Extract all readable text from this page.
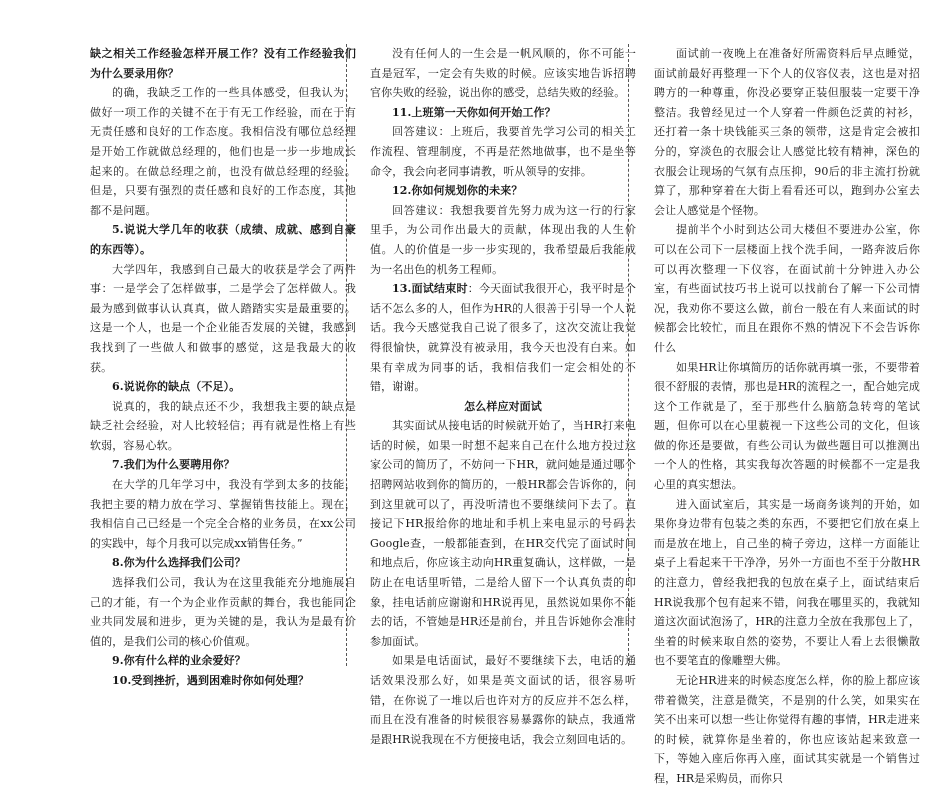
缺之相关工作经验怎样开展工作？没有工作经验我们为什么要录用你？

的确，我缺乏工作的一些具体感受，但我认为，做好一项工作的关键不在于有无工作经验，而在于有无责任感和良好的工作态度。我相信没有哪位总经理是开始工作就做总经理的，他们也是一步一步地成长起来的。在做总经理之前，也没有做总经理的经验。但是，只要有强烈的责任感和良好的工作态度，其他都不是问题。

5.说说大学几年的收获（成绩、成就、感到自豪的东西等）。

大学四年，我感到自己最大的收获是学会了两件事：一是学会了怎样做事，二是学会了怎样做人。我最为感到做事认认真真，做人踏踏实实是最重要的。这是一个人，也是一个企业能否发展的关键，我感到我找到了一些做人和做事的感觉，这是我最大的收获。

6.说说你的缺点（不足）。

说真的，我的缺点还不少，我想我主要的缺点是缺乏社会经验，对人比较轻信；再有就是性格上有些软弱，容易心软。

7.我们为什么要聘用你？

在大学的几年学习中，我没有学到太多的技能，我把主要的精力放在学习、掌握销售技能上。现在，我相信自己已经是一个完全合格的业务员，在xx公司的实践中，每个月我可以完成xx销售任务。”

8.你为什么选择我们公司？

选择我们公司，我认为在这里我能充分地施展自己的才能，有一个为企业作贡献的舞台，我也能同企业共同发展和进步，更为关键的是，我认为是最有价值的，是我们公司的核心价值观。

9.你有什么样的业余爱好？

10.受到挫折，遇到困难时你如何处理？

没有任何人的一生会是一帆风顺的，你不可能一直是冠军，一定会有失败的时候。应该实地告诉招聘官你失败的经验，说出你的感受，总结失败的经验。

11.上班第一天你如何开始工作？

回答建议：上班后，我要首先学习公司的相关工作流程、管理制度，不再是茫然地做事，也不是坐等命令，我会向老同事请教，听从领导的安排。

12.你如何规划你的未来？

回答建议：我想我要首先努力成为这一行的行家里手，为公司作出最大的贡献，体现出我的人生价值。人的价值是一步一步实现的，我希望最后我能成为一名出色的机务工程师。

13.面试结束时：今天面试我很开心，我平时是个话不怎么多的人，但作为HR的人很善于引导一个人说话。我今天感觉我自己说了很多了，这次交流让我觉得很愉快，就算没有被录用，我今天也没有白来。如果有幸成为同事的话，我相信我们一定会相处的不错，谢谢。

怎么样应对面试

其实面试从接电话的时候就开始了，当HR打来电话的时候，如果一时想不起来自己在什么地方投过这家公司的简历了，不妨问一下HR，就问她是通过哪个招聘网站收到你的简历的，一般HR都会告诉你的，问到这里就可以了，再没听清也不要继续问下去了。直接记下HR报给你的地址和手机上来电显示的号码去Google查，一般都能查到，在HR交代完了面试时间和地点后，你应该主动向HR重复确认，这样做，一是防止在电话里听错，二是给人留下一个认真负责的印象，挂电话前应谢谢和HR说再见，虽然说如果你不能去的话，不管她是HR还是前台，并且告诉她你会准时参加面试。

如果是电话面试，最好不要继续下去，电话的通话效果没那么好，如果是英文面试的话，很容易听错，在你说了一堆以后也许对方的反应并不怎么样，而且在没有准备的时候很容易暴露你的缺点，我通常是跟HR说我现在不方便接电话，我会立刻回电话的。

面试前一夜晚上在准备好所需资料后早点睡觉，面试前最好再整理一下个人的仪容仪表，这也是对招聘方的一种尊重，你没必要穿正装但服装一定要干净整洁。我曾经见过一个人穿着一件颜色泛黄的衬衫，还打着一条十块钱能买三条的领带，这是肯定会被扣分的，穿淡色的衣服会让人感觉比较有精神，深色的衣服会让现场的气氛有点压抑，90后的非主流打扮就算了，那种穿着在大街上看看还可以，跑到办公室去会让人感觉是个怪物。

提前半个小时到达公司大楼但不要进办公室，你可以在公司下一层楼面上找个洗手间，一路奔波后你可以再次整理一下仪容，在面试前十分钟进入办公室，有些面试技巧书上说可以找前台了解一下公司情况，我劝你不要这么做，前台一般在有人来面试的时候都会比较忙，而且在跟你不熟的情况下不会告诉你什么

如果HR让你填简历的话你就再填一张，不要带着很不舒服的表情，那也是HR的流程之一，配合她完成这个工作就是了，至于那些什么脑筋急转弯的笔试题，但你可以在心里藐视一下这些公司的文化，但该做的你还是要做，有些公司认为做些题目可以推测出一个人的性格，其实我每次答题的时候都不一定是我心里的真实想法。

进入面试室后，其实是一场商务谈判的开始，如果你身边带有包装之类的东西，不要把它们放在桌上而是放在地上，自己坐的椅子旁边，这样一方面能让桌子上看起来干干净净，另外一方面也不至于分散HR的注意力，曾经我把我的包放在桌子上，面试结束后HR说我那个包有起来不错，问我在哪里买的，我就知道这次面试泡汤了，HR的注意力全放在我那包上了，坐着的时候来取自然的姿势，不要让人看上去很懒散也不要笔直的像雕塑大佛。

无论HR进来的时候态度怎么样，你的脸上都应该带着微笑，注意是微笑，不是别的什么笑，如果实在笑不出来可以想一些让你觉得有趣的事情，HR走进来的时候，就算你是坐着的，你也应该站起来致意一下，等她入座后你再入座，面试其实就是一个销售过程，HR是采购员，而你只
